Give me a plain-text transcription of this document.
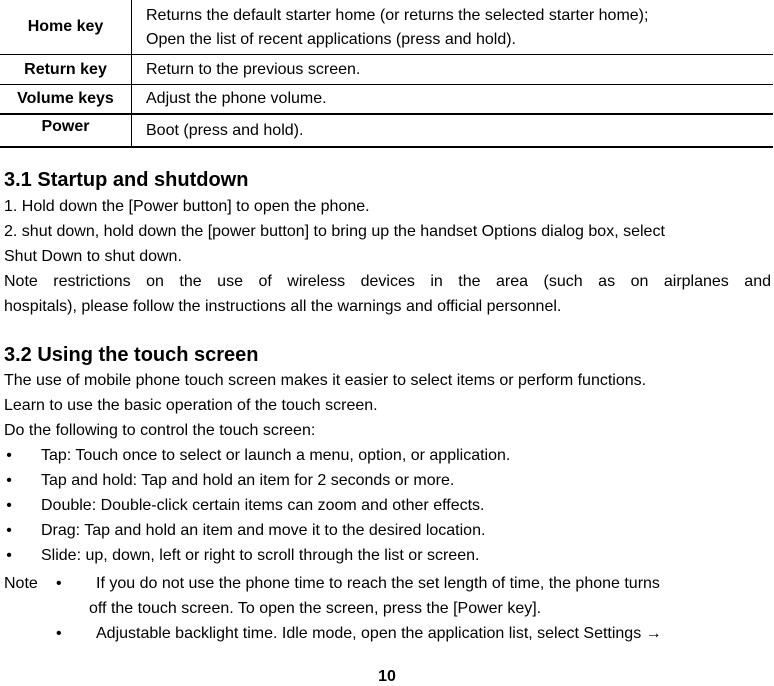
Home key	Returns the default starter home (or returns the selected starter home);
Open the list of recent applications (press and hold).

Return key	Return to the previous screen.
Volume keys	Adjust the phone volume.
Power	Boot (press and hold).
3.1 Startup and shutdown
1. Hold down the [Power button] to open the phone.
2. shut down, hold down the [power button] to bring up the handset Options dialog box, select
Shut Down to shut down.
Note restrictions on the use of wireless devices in the area (such as on airplanes and
hospitals), please follow the instructions all the warnings and official personnel.
3.2 Using the touch screen
The use of mobile phone touch screen makes it easier to select items or perform functions.
Learn to use the basic operation of the touch screen.
Do the following to control the touch screen:
• Tap: Touch once to select or launch a menu, option, or application.
• Tap and hold: Tap and hold an item for 2 seconds or more.
• Double: Double-click certain items can zoom and other effects.
• Drag: Tap and hold an item and move it to the desired location.
• Slide: up, down, left or right to scroll through the list or screen.
Note • If you do not use the phone time to reach the set length of time, the phone turns
off the touch screen. To open the screen, press the [Power key].
• Adjustable backlight time. Idle mode, open the application list, select Settings →
10
